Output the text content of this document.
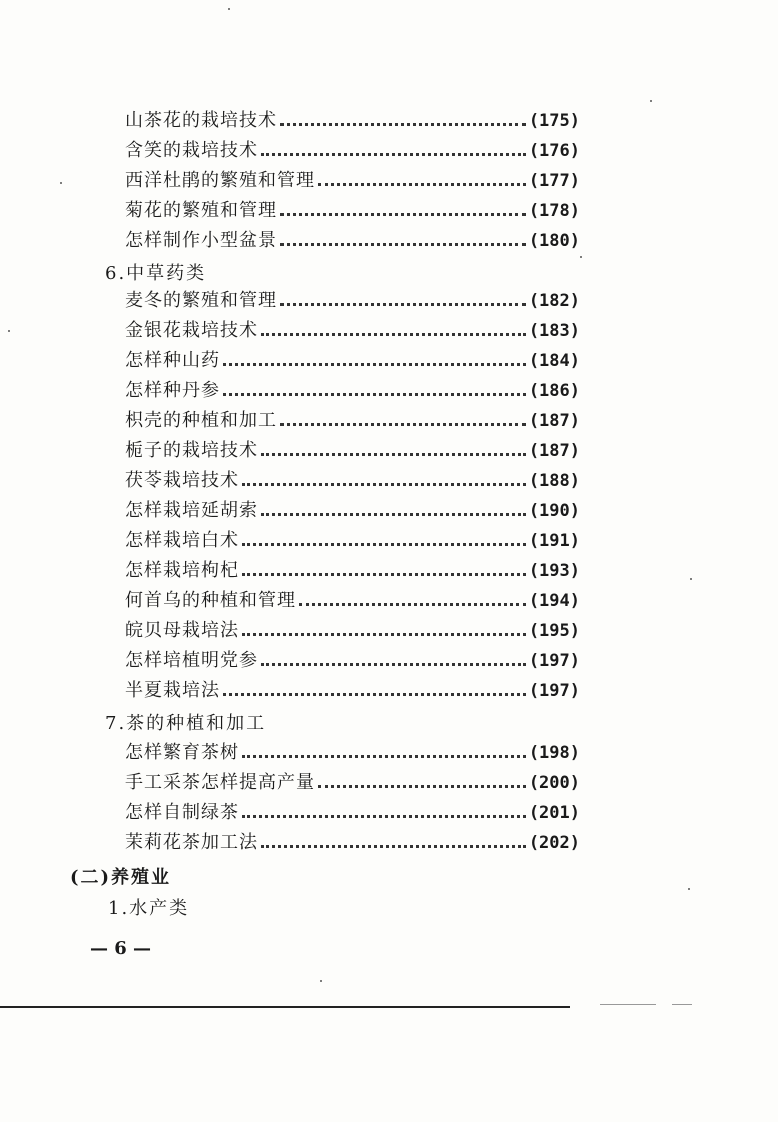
山茶花的栽培技术	(175)
含笑的栽培技术	(176)
西洋杜鹃的繁殖和管理	(177)
菊花的繁殖和管理	(178)
怎样制作小型盆景	(180)
6.中草药类
麦冬的繁殖和管理	(182)
金银花栽培技术	(183)
怎样种山药	(184)
怎样种丹参	(186)
枳壳的种植和加工	(187)
栀子的栽培技术	(187)
茯苓栽培技术	(188)
怎样栽培延胡索	(190)
怎样栽培白术	(191)
怎样栽培枸杞	(193)
何首乌的种植和管理	(194)
皖贝母栽培法	(195)
怎样培植明党参	(197)
半夏栽培法	(197)
7.茶的种植和加工
怎样繁育茶树	(198)
手工采茶怎样提高产量	(200)
怎样自制绿茶	(201)
茉莉花茶加工法	(202)
(二)养殖业
1.水产类
— 6 —
